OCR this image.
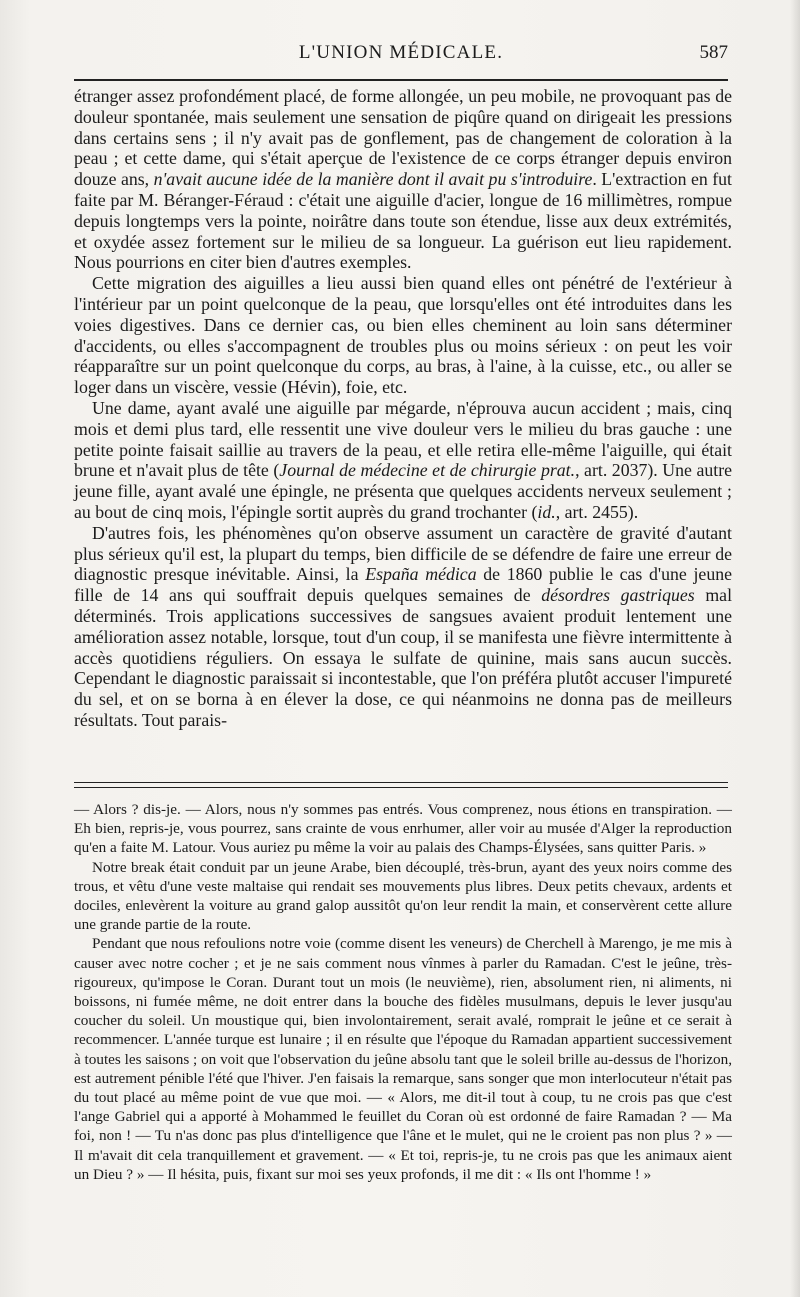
L'UNION MÉDICALE.	587

étranger assez profondément placé, de forme allongée, un peu mobile, ne provoquant pas de douleur spontanée, mais seulement une sensation de piqûre quand on dirigeait les pressions dans certains sens ; il n'y avait pas de gonflement, pas de changement de coloration à la peau ; et cette dame, qui s'était aperçue de l'existence de ce corps étranger depuis environ douze ans, n'avait aucune idée de la manière dont il avait pu s'introduire. L'extraction en fut faite par M. Béranger-Féraud : c'était une aiguille d'acier, longue de 16 millimètres, rompue depuis longtemps vers la pointe, noirâtre dans toute son étendue, lisse aux deux extrémités, et oxydée assez fortement sur le milieu de sa longueur. La guérison eut lieu rapidement. Nous pourrions en citer bien d'autres exemples.

Cette migration des aiguilles a lieu aussi bien quand elles ont pénétré de l'extérieur à l'intérieur par un point quelconque de la peau, que lorsqu'elles ont été introduites dans les voies digestives. Dans ce dernier cas, ou bien elles cheminent au loin sans déterminer d'accidents, ou elles s'accompagnent de troubles plus ou moins sérieux : on peut les voir réapparaître sur un point quelconque du corps, au bras, à l'aine, à la cuisse, etc., ou aller se loger dans un viscère, vessie (Hévin), foie, etc.

Une dame, ayant avalé une aiguille par mégarde, n'éprouva aucun accident ; mais, cinq mois et demi plus tard, elle ressentit une vive douleur vers le milieu du bras gauche : une petite pointe faisait saillie au travers de la peau, et elle retira elle-même l'aiguille, qui était brune et n'avait plus de tête (Journal de médecine et de chirurgie prat., art. 2037). Une autre jeune fille, ayant avalé une épingle, ne présenta que quelques accidents nerveux seulement ; au bout de cinq mois, l'épingle sortit auprès du grand trochanter (id., art. 2455).

D'autres fois, les phénomènes qu'on observe assument un caractère de gravité d'autant plus sérieux qu'il est, la plupart du temps, bien difficile de se défendre de faire une erreur de diagnostic presque inévitable. Ainsi, la España médica de 1860 publie le cas d'une jeune fille de 14 ans qui souffrait depuis quelques semaines de désordres gastriques mal déterminés. Trois applications successives de sangsues avaient produit lentement une amélioration assez notable, lorsque, tout d'un coup, il se manifesta une fièvre intermittente à accès quotidiens réguliers. On essaya le sulfate de quinine, mais sans aucun succès. Cependant le diagnostic paraissait si incontestable, que l'on préféra plutôt accuser l'impureté du sel, et on se borna à en élever la dose, ce qui néanmoins ne donna pas de meilleurs résultats. Tout parais-

— Alors ? dis-je. — Alors, nous n'y sommes pas entrés. Vous comprenez, nous étions en transpiration. — Eh bien, repris-je, vous pourrez, sans crainte de vous enrhumer, aller voir au musée d'Alger la reproduction qu'en a faite M. Latour. Vous auriez pu même la voir au palais des Champs-Élysées, sans quitter Paris. »

Notre break était conduit par un jeune Arabe, bien découplé, très-brun, ayant des yeux noirs comme des trous, et vêtu d'une veste maltaise qui rendait ses mouvements plus libres. Deux petits chevaux, ardents et dociles, enlevèrent la voiture au grand galop aussitôt qu'on leur rendit la main, et conservèrent cette allure une grande partie de la route.

Pendant que nous refoulions notre voie (comme disent les veneurs) de Cherchell à Marengo, je me mis à causer avec notre cocher ; et je ne sais comment nous vînmes à parler du Ramadan. C'est le jeûne, très-rigoureux, qu'impose le Coran. Durant tout un mois (le neuvième), rien, absolument rien, ni aliments, ni boissons, ni fumée même, ne doit entrer dans la bouche des fidèles musulmans, depuis le lever jusqu'au coucher du soleil. Un moustique qui, bien involontairement, serait avalé, romprait le jeûne et ce serait à recommencer. L'année turque est lunaire ; il en résulte que l'époque du Ramadan appartient successivement à toutes les saisons ; on voit que l'observation du jeûne absolu tant que le soleil brille au-dessus de l'horizon, est autrement pénible l'été que l'hiver. J'en faisais la remarque, sans songer que mon interlocuteur n'était pas du tout placé au même point de vue que moi. — « Alors, me dit-il tout à coup, tu ne crois pas que c'est l'ange Gabriel qui a apporté à Mohammed le feuillet du Coran où est ordonné de faire Ramadan ? — Ma foi, non ! — Tu n'as donc pas plus d'intelligence que l'âne et le mulet, qui ne le croient pas non plus ? » — Il m'avait dit cela tranquillement et gravement. — « Et toi, repris-je, tu ne crois pas que les animaux aient un Dieu ? » — Il hésita, puis, fixant sur moi ses yeux profonds, il me dit : « Ils ont l'homme ! »
